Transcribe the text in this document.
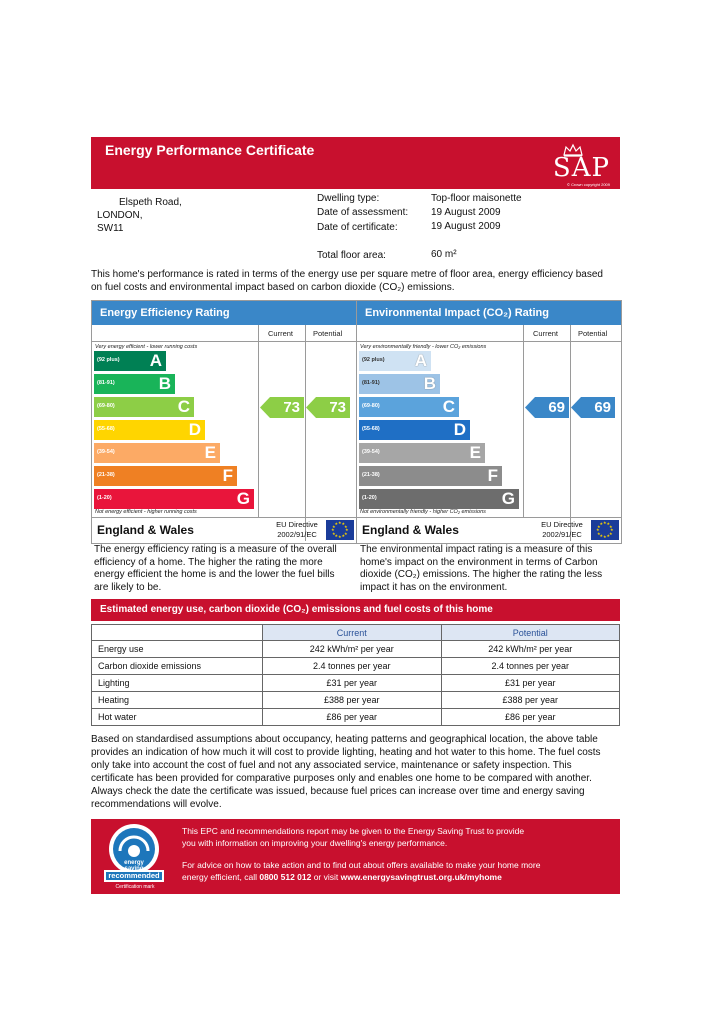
Energy Performance Certificate
SAP
© Crown copyright 2009
Elspeth Road,
LONDON,
SW11
Dwelling type:	Top-floor maisonette
Date of assessment: 19 August 2009
Date of certificate:	19 August 2009
Total floor area:	60 m²
This home's performance is rated in terms of the energy use per square metre of floor area, energy efficiency based on fuel costs and environmental impact based on carbon dioxide (CO₂) emissions.
Energy Efficiency Rating
Current	Potential
Very energy efficient - lower running costs
Not energy efficient - higher running costs
(92 plus) A
(81-91)	B
(69-80)	C
(55-68)	D
(39-54)	E
(21-38)	F
(1-20)	G
73 73
England & Wales	EU Directive
2002/91/EC
★
★
★
★
★
★
★
★
★ ★ ★
★
Environmental Impact (CO₂) Rating
Current	Potential
Very environmentally friendly - lower CO₂ emissions
Not environmentally friendly - higher CO₂ emissions
(92 plus) A
(81-91)	B
(69-80)	C
(55-68)	D
(39-54)	E
(21-38)	F
(1-20)	G
69 69
England & Wales	EU Directive
2002/91/EC
★
★
★
★
★
★
★
★
★ ★ ★
★
The energy efficiency rating is a measure of the overall efficiency of a home. The higher the rating the more energy efficient the home is and the lower the fuel bills are likely to be.
The environmental impact rating is a measure of this home's impact on the environment in terms of Carbon dioxide (CO₂) emissions. The higher the rating the less impact it has on the environment.
Estimated energy use, carbon dioxide (CO₂) emissions and fuel costs of this home
	Current	Potential
Energy use	242 kWh/m² per year	242 kWh/m² per year
Carbon dioxide emissions	2.4 tonnes per year	2.4 tonnes per year
Lighting	£31 per year	£31 per year
Heating	£388 per year	£388 per year
Hot water	£86 per year	£86 per year
Based on standardised assumptions about occupancy, heating patterns and geographical location, the above table provides an indication of how much it will cost to provide lighting, heating and hot water to this home. The fuel costs only take into account the cost of fuel and not any associated service, maintenance or safety inspection. This certificate has been provided for comparative purposes only and enables one home to be compared with another. Always check the date the certificate was issued, because fuel prices can increase over time and energy saving recommendations will evolve.
energy saving
recommended
Certification mark
This EPC and recommendations report may be given to the Energy Saving Trust to provide
you with information on improving your dwelling's energy performance.
For advice on how to take action and to find out about offers available to make your home more
energy efficient, call 0800 512 012 or visit www.energysavingtrust.org.uk/myhome
